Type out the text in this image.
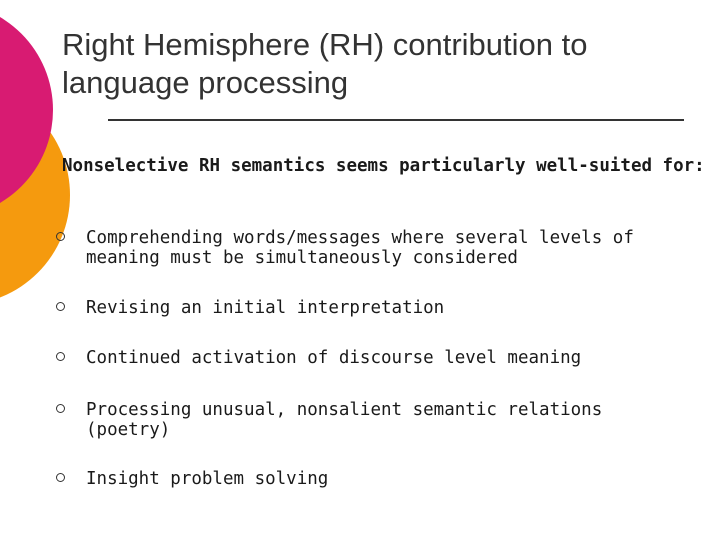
Right Hemisphere (RH) contribution to
language processing
Nonselective RH semantics seems particularly well-suited for:
Comprehending words/messages where several levels of meaning must be simultaneously considered
Revising an initial interpretation
Continued activation of discourse level meaning
Processing unusual, nonsalient semantic relations (poetry)
Insight problem solving
